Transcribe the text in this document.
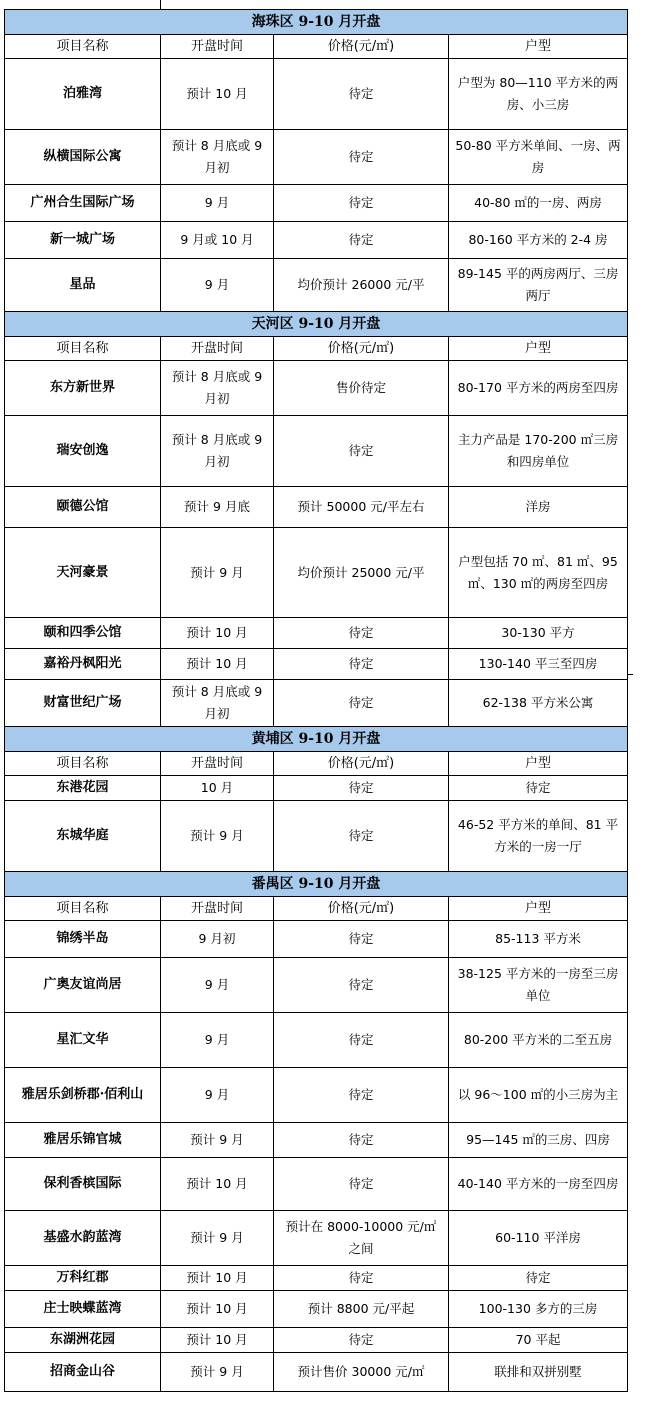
海珠区 9-10 月开盘			
项目名称	开盘时间	价格(元/㎡)	户型
泊雅湾	预计 10 月	待定	户型为 80—110 平方米的两房、小三房
纵横国际公寓	预计 8 月底或 9 月初	待定	50-80 平方米单间、一房、两房
广州合生国际广场	9 月	待定	40-80 ㎡的一房、两房
新一城广场	9 月或 10 月	待定	80-160 平方米的 2-4 房
星品	9 月	均价预计 26000 元/平	89-145 平的两房两厅、三房两厅
天河区 9-10 月开盘			
项目名称	开盘时间	价格(元/㎡)	户型
东方新世界	预计 8 月底或 9 月初	售价待定	80-170 平方米的两房至四房
瑞安创逸	预计 8 月底或 9 月初	待定	主力产品是 170-200 ㎡三房和四房单位
颐德公馆	预计 9 月底	预计 50000 元/平左右	洋房
天河豪景	预计 9 月	均价预计 25000 元/平	户型包括 70 ㎡、81 ㎡、95 ㎡、130 ㎡的两房至四房
颐和四季公馆	预计 10 月	待定	30-130 平方
嘉裕丹枫阳光	预计 10 月	待定	130-140 平三至四房
财富世纪广场	预计 8 月底或 9 月初	待定	62-138 平方米公寓
黄埔区 9-10 月开盘			
项目名称	开盘时间	价格(元/㎡)	户型
东港花园	10 月	待定	待定
东城华庭	预计 9 月	待定	46-52 平方米的单间、81 平方米的一房一厅
番禺区 9-10 月开盘			
项目名称	开盘时间	价格(元/㎡)	户型
锦绣半岛	9 月初	待定	85-113 平方米
广奥友谊尚居	9 月	待定	38-125 平方米的一房至三房单位
星汇文华	9 月	待定	80-200 平方米的二至五房
雅居乐剑桥郡·佰利山	9 月	待定	以 96～100 ㎡的小三房为主
雅居乐锦官城	预计 9 月	待定	95—145 ㎡的三房、四房
保利香槟国际	预计 10 月	待定	40-140 平方米的一房至四房
基盛水韵蓝湾	预计 9 月	预计在 8000-10000 元/㎡之间	60-110 平洋房
万科红郡	预计 10 月	待定	待定
庄士映蝶蓝湾	预计 10 月	预计 8800 元/平起	100-130 多方的三房
东湖洲花园	预计 10 月	待定	70 平起
招商金山谷	预计 9 月	预计售价 30000 元/㎡	联排和双拼别墅
